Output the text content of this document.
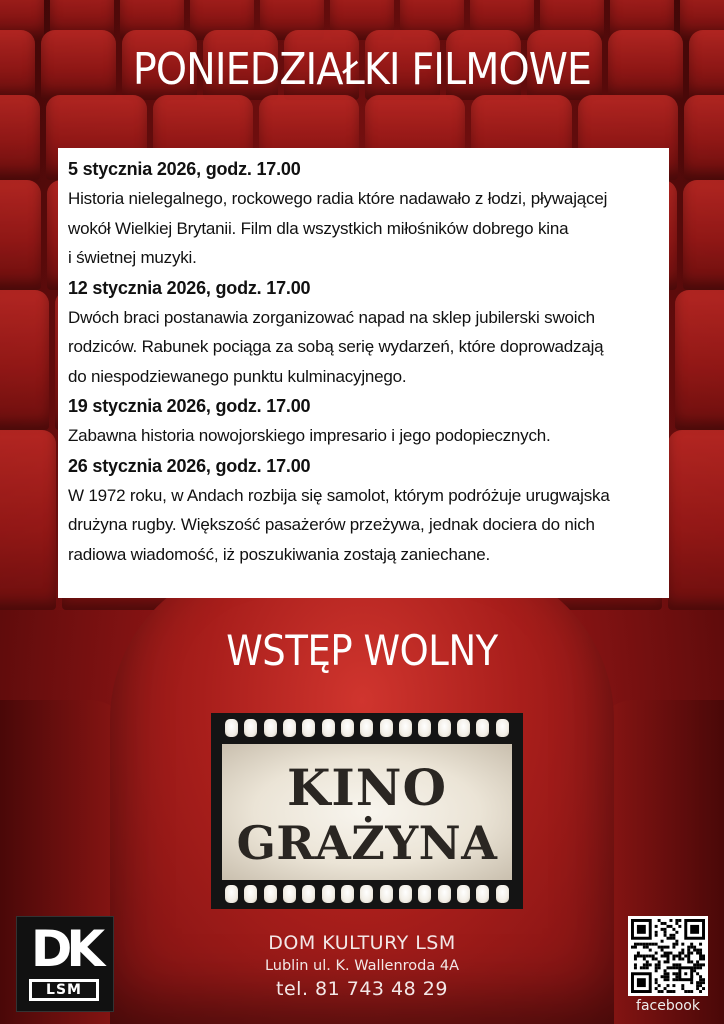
PONIEDZIAŁKI FILMOWE
5 stycznia 2026, godz. 17.00
Historia nielegalnego, rockowego radia które nadawało z łodzi, pływającej
wokół Wielkiej Brytanii. Film dla wszystkich miłośników dobrego kina
i świetnej muzyki.
12 stycznia 2026, godz. 17.00
Dwóch braci postanawia zorganizować napad na sklep jubilerski swoich
rodziców. Rabunek pociąga za sobą serię wydarzeń, które doprowadzają
do niespodziewanego punktu kulminacyjnego.
19 stycznia 2026, godz. 17.00
Zabawna historia nowojorskiego impresario i jego podopiecznych.
26 stycznia 2026, godz. 17.00
W 1972 roku, w Andach rozbija się samolot, którym podróżuje urugwajska
drużyna rugby. Większość pasażerów przeżywa, jednak dociera do nich
radiowa wiadomość, iż poszukiwania zostają zaniechane.
WSTĘP WOLNY
KINO
GRAŻYNA
DK
LSM
DOM KULTURY LSM
Lublin ul. K. Wallenroda 4A
tel. 81 743 48 29
facebook
